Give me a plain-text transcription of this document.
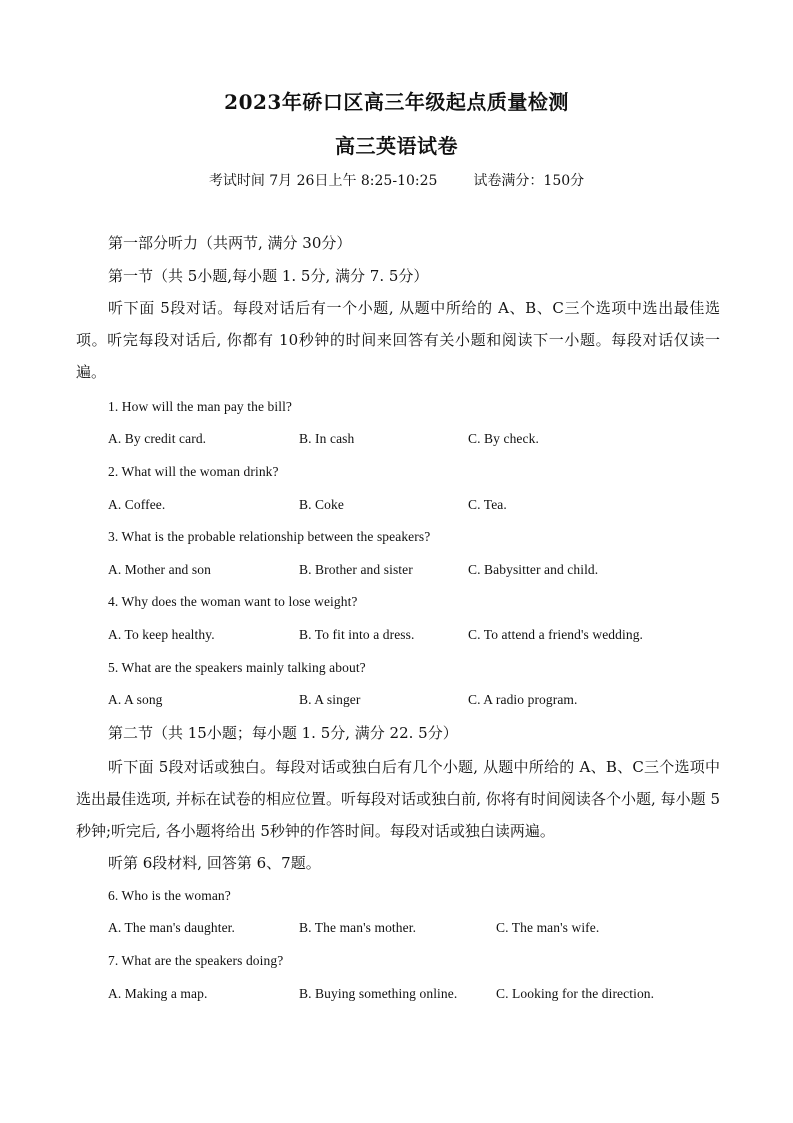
2023年硚口区高三年级起点质量检测
高三英语试卷
考试时间 7月 26日上午 8:25-10:25	试卷满分：150分
第一部分听力（共两节, 满分 30分）
第一节（共 5小题,每小题 1. 5分, 满分 7. 5分）
听下面 5段对话。每段对话后有一个小题, 从题中所给的 A、B、C三个选项中选出最佳选项。听完每段对话后, 你都有 10秒钟的时间来回答有关小题和阅读下一小题。每段对话仅读一遍。
1. How will the man pay the bill?
A. By credit card.	B. In cash	C. By check.
2. What will the woman drink?
A. Coffee.	B. Coke	C. Tea.
3. What is the probable relationship between the speakers?
A. Mother and son	B. Brother and sister	C. Babysitter and child.
4. Why does the woman want to lose weight?
A. To keep healthy.	B. To fit into a dress.	C. To attend a friend's wedding.
5. What are the speakers mainly talking about?
A. A song	B. A singer	C. A radio program.
第二节（共 15小题；每小题 1. 5分, 满分 22. 5分）
听下面 5段对话或独白。每段对话或独白后有几个小题, 从题中所给的 A、B、C三个选项中选出最佳选项, 并标在试卷的相应位置。听每段对话或独白前, 你将有时间阅读各个小题, 每小题 5秒钟;听完后, 各小题将给出 5秒钟的作答时间。每段对话或独白读两遍。
听第 6段材料, 回答第 6、7题。
6. Who is the woman?
A. The man's daughter.	B. The man's mother.	C. The man's wife.
7. What are the speakers doing?
A. Making a map.	B. Buying something online.	C. Looking for the direction.
